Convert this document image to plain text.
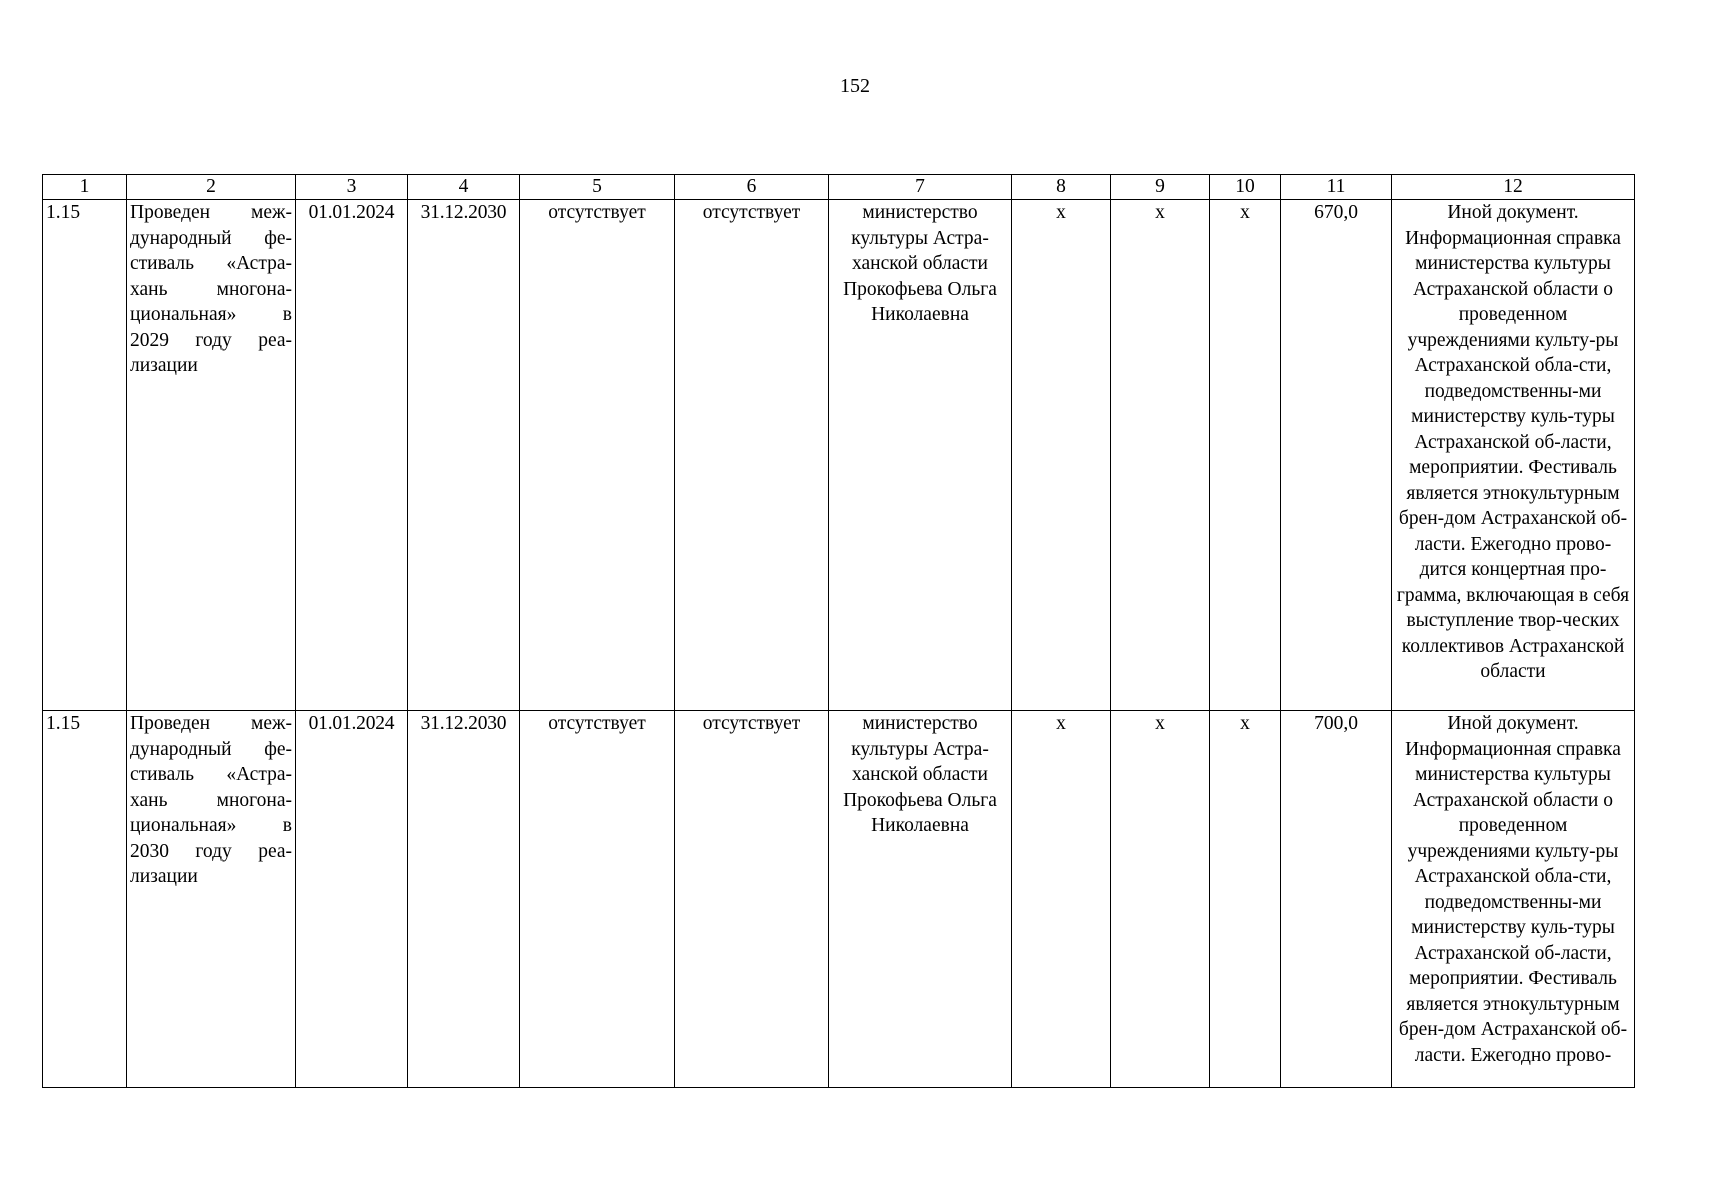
152
1	2	3	4	5	6	7	8	9	10	11	12
1.15	Проведен меж-дународный фе-стиваль «Астра-хань многона-циональная» в 2029 году реа-лизации	01.01.2024	31.12.2030	отсутствует	отсутствует	министерство культуры Астра-ханской области Прокофьева Ольга Николаевна	x	x	x	670,0	Иной документ. Информационная справка министерства культуры Астраханской области о проведенном учреждениями культу-ры Астраханской обла-сти, подведомственны-ми министерству куль-туры Астраханской об-ласти, мероприятии. Фестиваль является этнокультурным брен-дом Астраханской об-ласти. Ежегодно прово-дится концертная про-грамма, включающая в себя выступление твор-ческих коллективов Астраханской области
1.15	Проведен меж-дународный фе-стиваль «Астра-хань многона-циональная» в 2030 году реа-лизации	01.01.2024	31.12.2030	отсутствует	отсутствует	министерство культуры Астра-ханской области Прокофьева Ольга Николаевна	x	x	x	700,0	Иной документ. Информационная справка министерства культуры Астраханской области о проведенном учреждениями культу-ры Астраханской обла-сти, подведомственны-ми министерству куль-туры Астраханской об-ласти, мероприятии. Фестиваль является этнокультурным брен-дом Астраханской об-ласти. Ежегодно прово-
